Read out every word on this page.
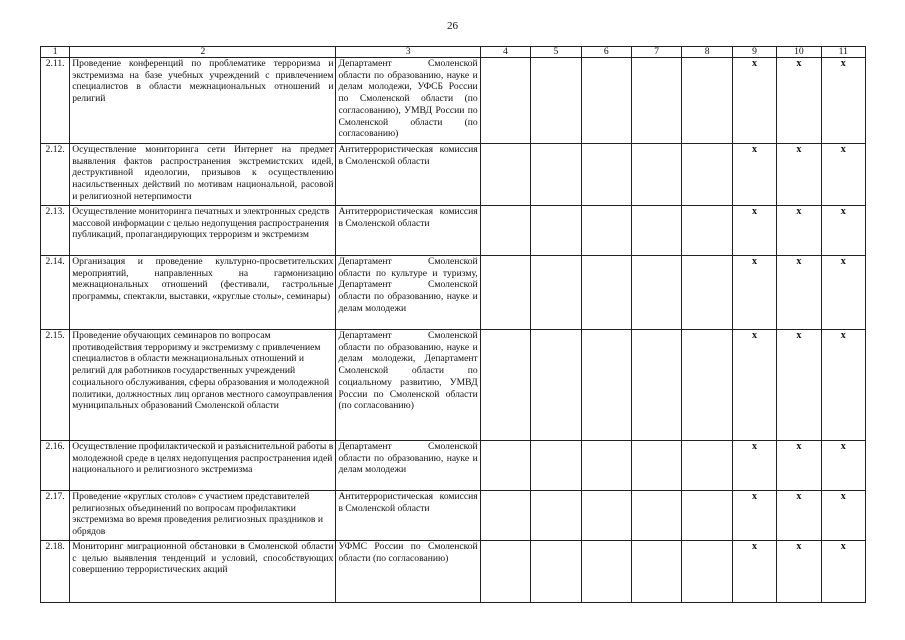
26
1	2	3	4	5	6	7	8	9	10	11
2.11.	Проведение конференций по проблематике терроризма и экстремизма на базе учебных учреждений с привлечением специалистов в области межнациональных отношений и религий	Департамент Смоленской области по образованию, науке и делам молодежи, УФСБ России по Смоленской области (по согласованию), УМВД России по Смоленской области (по согласованию)						x	x	x
2.12.	Осуществление мониторинга сети Интернет на предмет выявления фактов распространения экстремистских идей, деструктивной идеологии, призывов к осуществлению насильственных действий по мотивам национальной, расовой и религиозной нетерпимости	Антитеррористическая комиссия в Смоленской области						x	x	x
2.13.	Осуществление мониторинга печатных и электронных средств массовой информации с целью недопущения распространения публикаций, пропагандирующих терроризм и экстремизм	Антитеррористическая комиссия в Смоленской области						x	x	x
2.14.	Организация и проведение культурно-просветительских мероприятий, направленных на гармонизацию межнациональных отношений (фестивали, гастрольные программы, спектакли, выставки, «круглые столы», семинары)	Департамент Смоленской области по культуре и туризму, Департамент Смоленской области по образованию, науке и делам молодежи						x	x	x
2.15.	Проведение обучающих семинаров по вопросам противодействия терроризму и экстремизму с привлечением специалистов в области межнациональных отношений и религий для работников государственных учреждений социального обслуживания, сферы образования и молодежной политики, должностных лиц органов местного самоуправления муниципальных образований Смоленской области	Департамент Смоленской области по образованию, науке и делам молодежи, Департамент Смоленской области по социальному развитию, УМВД России по Смоленской области (по согласованию)						x	x	x
2.16.	Осуществление профилактической и разъяснительной работы в молодежной среде в целях недопущения распространения идей национального и религиозного экстремизма	Департамент Смоленской области по образованию, науке и делам молодежи						x	x	x
2.17.	Проведение «круглых столов» с участием представителей религиозных объединений по вопросам профилактики экстремизма во время проведения религиозных праздников и обрядов	Антитеррористическая комиссия в Смоленской области						x	x	x
2.18.	Мониторинг миграционной обстановки в Смоленской области с целью выявления тенденций и условий, способствующих совершению террористических акций	УФМС России по Смоленской области (по согласованию)						x	x	x
